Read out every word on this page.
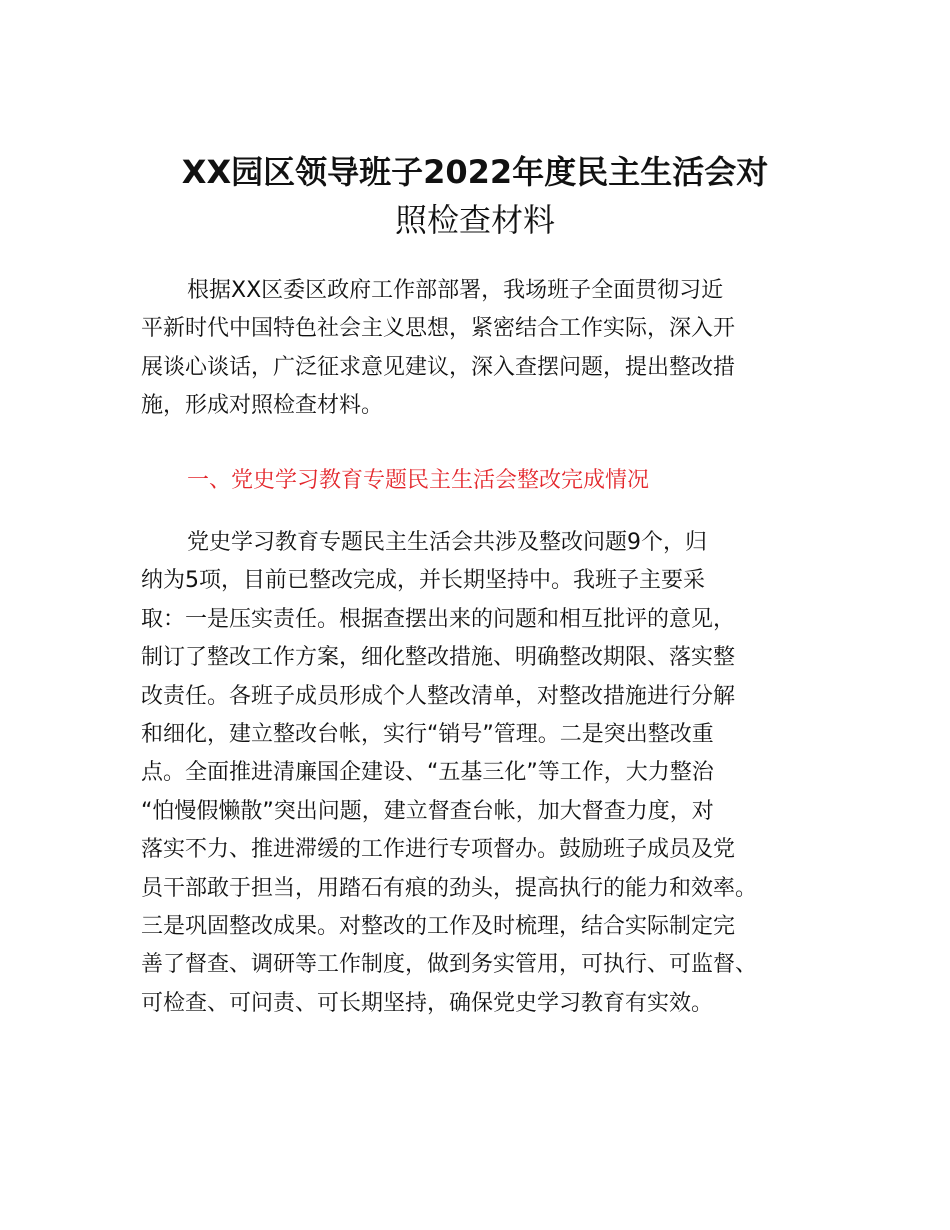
XX园区领导班子2022年度民主生活会对
照检查材料

根据XX区委区政府工作部部署，我场班子全面贯彻习近
平新时代中国特色社会主义思想，紧密结合工作实际，深入开
展谈心谈话，广泛征求意见建议，深入查摆问题，提出整改措
施，形成对照检查材料。

一、党史学习教育专题民主生活会整改完成情况

党史学习教育专题民主生活会共涉及整改问题9个，归
纳为5项，目前已整改完成，并长期坚持中。我班子主要采
取：一是压实责任。根据查摆出来的问题和相互批评的意见，
制订了整改工作方案，细化整改措施、明确整改期限、落实整
改责任。各班子成员形成个人整改清单，对整改措施进行分解
和细化，建立整改台帐，实行“销号”管理。二是突出整改重
点。全面推进清廉国企建设、“五基三化”等工作，大力整治
“怕慢假懒散”突出问题，建立督查台帐，加大督查力度，对
落实不力、推进滞缓的工作进行专项督办。鼓励班子成员及党
员干部敢于担当，用踏石有痕的劲头，提高执行的能力和效率。
三是巩固整改成果。对整改的工作及时梳理，结合实际制定完
善了督查、调研等工作制度，做到务实管用，可执行、可监督、
可检查、可问责、可长期坚持，确保党史学习教育有实效。
